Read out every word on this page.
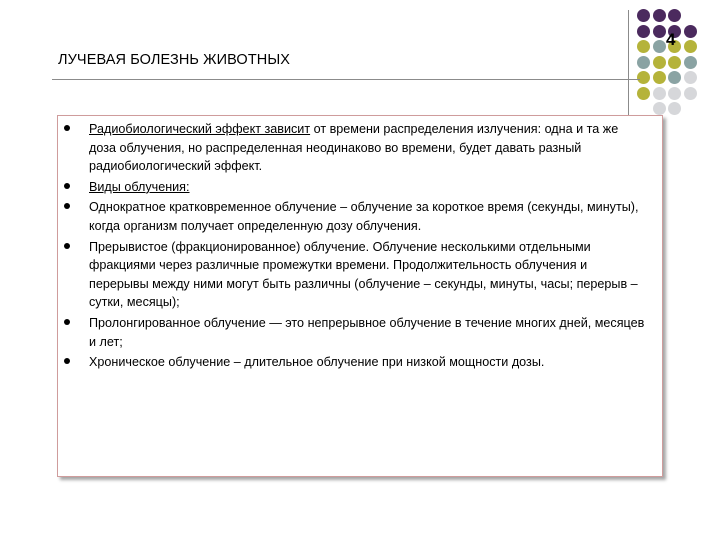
4
ЛУЧЕВАЯ БОЛЕЗНЬ ЖИВОТНЫХ
Радиобиологический эффект зависит от времени распределения излучения: одна и та же доза облучения, но распределенная неодинаково во времени, будет давать разный радиобиологический эффект.
Виды облучения:
Однократное кратковременное облучение – облучение за короткое время (секунды, минуты), когда организм получает определенную дозу облучения.
Прерывистое (фракционированное) облучение. Облучение несколькими отдельными фракциями через различные промежутки времени. Продолжительность облучения и перерывы между ними могут быть различны (облучение – секунды, минуты, часы; перерыв – сутки, месяцы);
Пролонгированное облучение — это непрерывное облучение в течение многих дней, месяцев и лет;
Хроническое облучение – длительное облучение при низкой мощности дозы.
